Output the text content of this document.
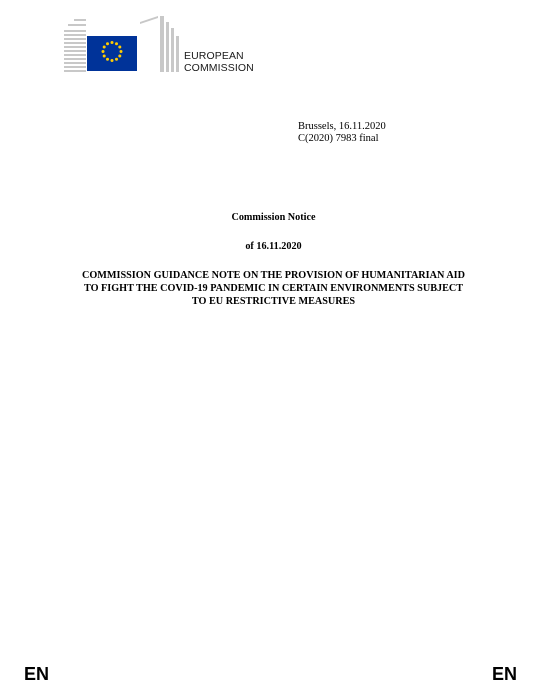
EUROPEAN
COMMISSION
Brussels, 16.11.2020
C(2020) 7983 final
Commission Notice
of 16.11.2020
COMMISSION GUIDANCE NOTE ON THE PROVISION OF HUMANITARIAN AID
TO FIGHT THE COVID-19 PANDEMIC IN CERTAIN ENVIRONMENTS SUBJECT
TO EU RESTRICTIVE MEASURES
EN	EN
